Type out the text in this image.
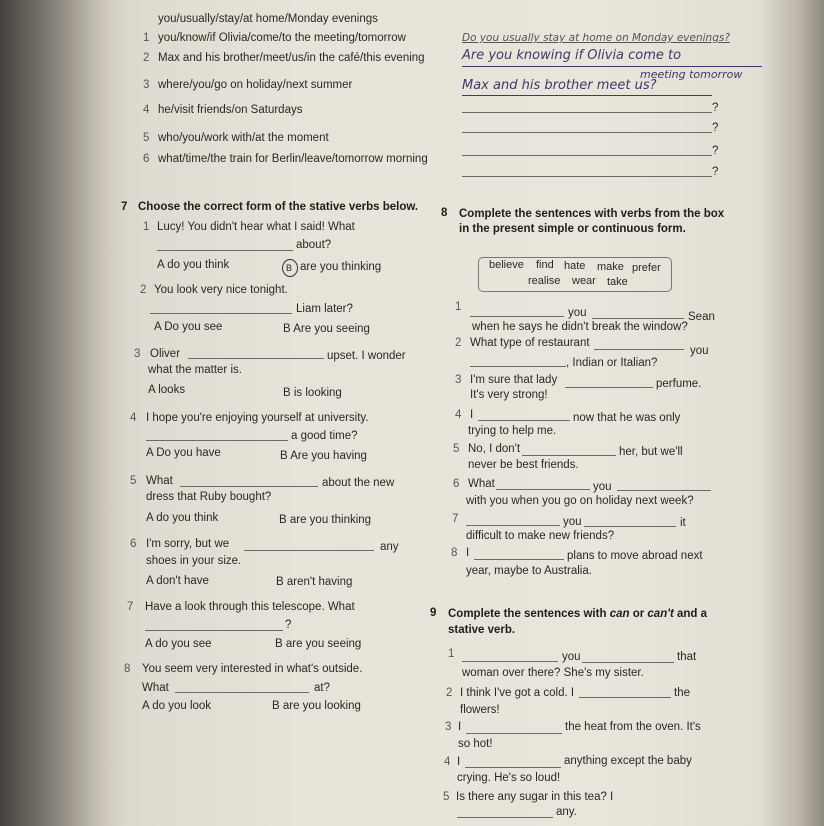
you/usually/stay/at home/Monday evenings
Do you usually stay at home on Monday evenings?
1 you/know/if Olivia/come/to the meeting/tomorrow
Are you knowing if Olivia come to
meeting tomorrow
2 Max and his brother/meet/us/in the café/this evening
Max and his brother meet us?
3 where/you/go on holiday/next summer
?
4 he/visit friends/on Saturdays
?
5 who/you/work with/at the moment
?
6 what/time/the train for Berlin/leave/tomorrow morning
?
7 Choose the correct form of the stative verbs below.
1 Lucy! You didn't hear what I said! What
about?
A do you think	B are you thinking
2 You look very nice tonight.
Liam later?
A Do you see	B Are you seeing
3 Oliver	upset. I wonder
what the matter is.
A looks	B is looking
4 I hope you're enjoying yourself at university.
a good time?
A Do you have	B Are you having
5 What	about the new
dress that Ruby bought?
A do you think	B are you thinking
6 I'm sorry, but we	any
shoes in your size.
A don't have	B aren't having
7 Have a look through this telescope. What
?
A do you see	B are you seeing
8 You seem very interested in what's outside.
What	at?
A do you look	B are you looking
8 Complete the sentences with verbs from the box
in the present simple or continuous form.
believe find hate make prefer
realise wear take
1	you	Sean
when he says he didn't break the window?
2 What type of restaurant
you
, Indian or Italian?
3 I'm sure that lady	perfume.
It's very strong!
4 I	now that he was only
trying to help me.
5 No, I don't	her, but we'll
never be best friends.
6 What	you
with you when you go on holiday next week?
7	you	it
difficult to make new friends?
8 I	plans to move abroad next
year, maybe to Australia.
9 Complete the sentences with can or can't and a
stative verb.
1	you	that
woman over there? She's my sister.
2 I think I've got a cold. I	the
flowers!
3 I	the heat from the oven. It's
so hot!
4 I	anything except the baby
crying. He's so loud!
5 Is there any sugar in this tea? I
any.
